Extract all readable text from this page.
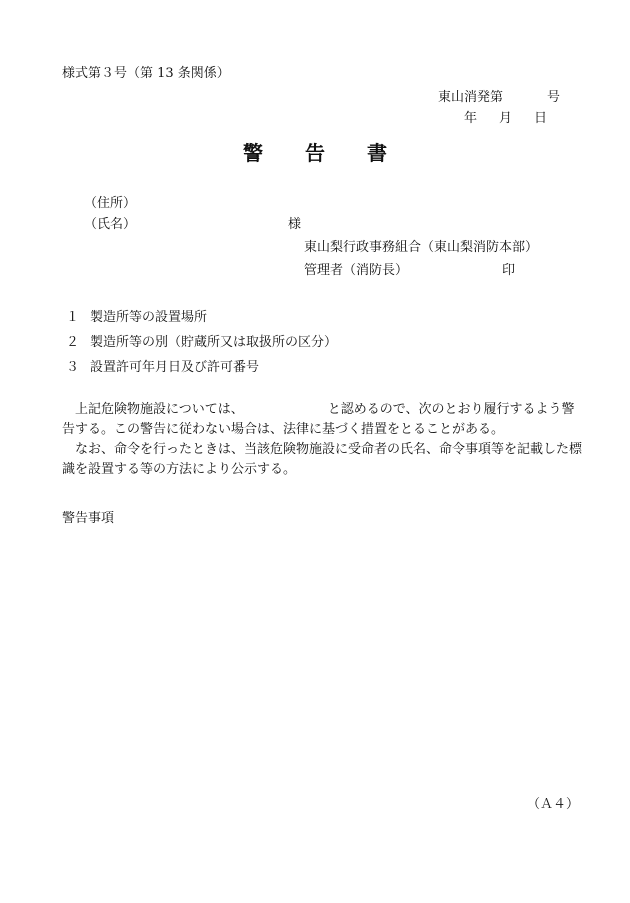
様式第３号（第 13 条関係）
東山消発第	号
年 月 日
警 告 書
（住所）
（氏名）	様
東山梨行政事務組合（東山梨消防本部）
管理者（消防長）	印
１ 製造所等の設置場所
２ 製造所等の別（貯蔵所又は取扱所の区分）
３ 設置許可年月日及び許可番号
上記危険物施設については、	と認めるので、次のとおり履行するよう警告する。この警告に従わない場合は、法律に基づく措置をとることがある。
なお、命令を行ったときは、当該危険物施設に受命者の氏名、命令事項等を記載した標識を設置する等の方法により公示する。
警告事項
（Ａ４）
